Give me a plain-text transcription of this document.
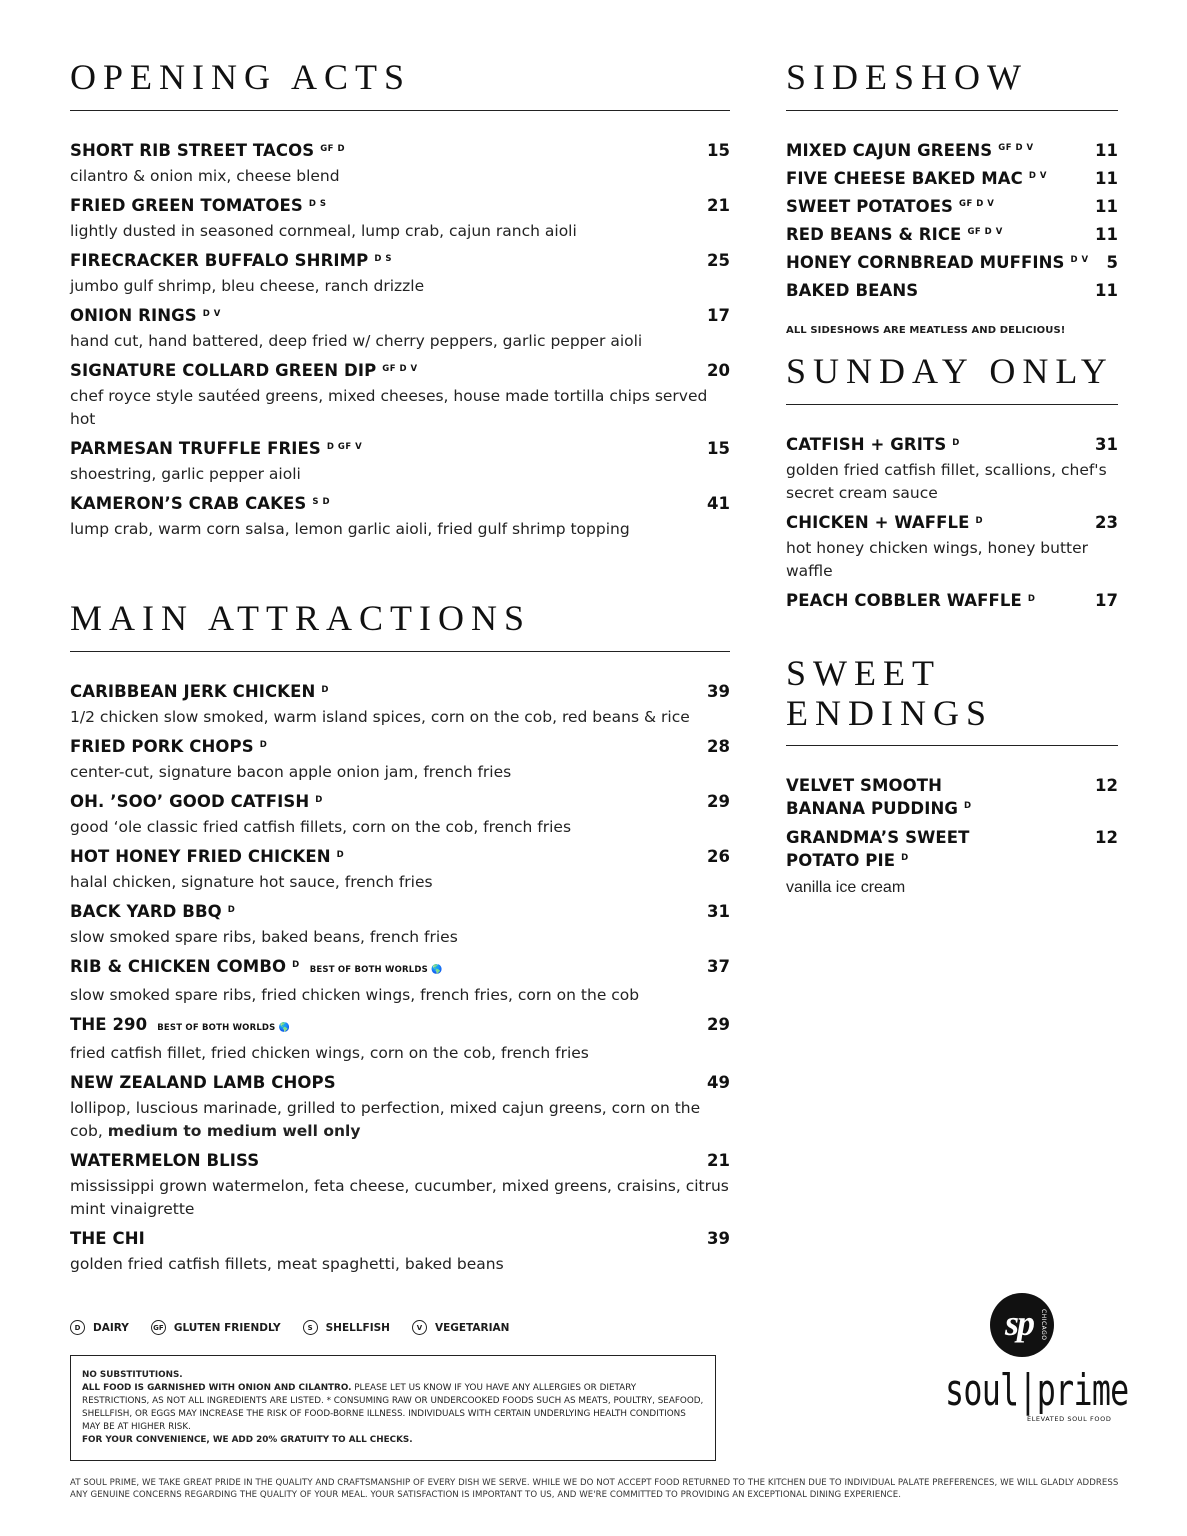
OPENING ACTS
SHORT RIB STREET TACOS $^{GF D}$	15
cilantro & onion mix, cheese blend
FRIED GREEN TOMATOES $^{D S}$	21
lightly dusted in seasoned cornmeal, lump crab, cajun ranch aioli
FIRECRACKER BUFFALO SHRIMP $^{D S}$	25
jumbo gulf shrimp, bleu cheese, ranch drizzle
ONION RINGS $^{D V}$	17
hand cut, hand battered, deep fried w/ cherry peppers, garlic pepper aioli
SIGNATURE COLLARD GREEN DIP $^{GF D V}$	20
chef royce style sautéed greens, mixed cheeses, house made tortilla chips served hot
PARMESAN TRUFFLE FRIES $^{D GF V}$	15
shoestring, garlic pepper aioli
KAMERON’S CRAB CAKES $^{S D}$	41
lump crab, warm corn salsa, lemon garlic aioli, fried gulf shrimp topping
MAIN ATTRACTIONS
CARIBBEAN JERK CHICKEN $^D$	39
1/2 chicken slow smoked, warm island spices, corn on the cob, red beans & rice
FRIED PORK CHOPS $^D$	28
center-cut, signature bacon apple onion jam, french fries
OH. ’SOO’ GOOD CATFISH $^D$	29
good ‘ole classic fried catfish fillets, corn on the cob, french fries
HOT HONEY FRIED CHICKEN $^D$	26
halal chicken, signature hot sauce, french fries
BACK YARD BBQ $^D$	31
slow smoked spare ribs, baked beans, french fries
RIB & CHICKEN COMBO $^D$ BEST OF BOTH WORLDS 🌎	37
slow smoked spare ribs, fried chicken wings, french fries, corn on the cob
THE 290 BEST OF BOTH WORLDS 🌎	29
fried catfish fillet, fried chicken wings, corn on the cob, french fries
NEW ZEALAND LAMB CHOPS	49
lollipop, luscious marinade, grilled to perfection, mixed cajun greens, corn on the cob, medium to medium well only
WATERMELON BLISS	21
mississippi grown watermelon, feta cheese, cucumber, mixed greens, craisins, citrus mint vinaigrette
THE CHI	39
golden fried catfish fillets, meat spaghetti, baked beans
SIDESHOW
MIXED CAJUN GREENS $^{GF D V}$	11
FIVE CHEESE BAKED MAC $^{D V}$	11
SWEET POTATOES $^{GF D V}$	11
RED BEANS & RICE $^{GF D V}$	11
HONEY CORNBREAD MUFFINS $^{D V}$ 5
BAKED BEANS	11
ALL SIDESHOWS ARE MEATLESS AND DELICIOUS!
SUNDAY ONLY
CATFISH + GRITS $^D$	31
golden fried catfish fillet, scallions, chef's secret cream sauce
CHICKEN + WAFFLE $^D$	23
hot honey chicken wings, honey butter waffle
PEACH COBBLER WAFFLE $^D$	17
SWEET
ENDINGS
VELVET SMOOTH
BANANA PUDDING $^D$
12
GRANDMA’S SWEET
POTATO PIE $^D$
12
vanilla ice cream
D	DAIRY	GF GLUTEN FRIENDLY	S	SHELLFISH	V	VEGETARIAN
NO SUBSTITUTIONS.
ALL FOOD IS GARNISHED WITH ONION AND CILANTRO. PLEASE LET US KNOW IF YOU HAVE ANY ALLERGIES OR DIETARY RESTRICTIONS, AS NOT ALL INGREDIENTS ARE LISTED. * CONSUMING RAW OR UNDERCOOKED FOODS SUCH AS MEATS, POULTRY, SEAFOOD, SHELLFISH, OR EGGS MAY INCREASE THE RISK OF FOOD-BORNE ILLNESS. INDIVIDUALS WITH CERTAIN UNDERLYING HEALTH CONDITIONS MAY BE AT HIGHER RISK.
FOR YOUR CONVENIENCE, WE ADD 20% GRATUITY TO ALL CHECKS.
AT SOUL PRIME, WE TAKE GREAT PRIDE IN THE QUALITY AND CRAFTSMANSHIP OF EVERY DISH WE SERVE. WHILE WE DO NOT ACCEPT FOOD RETURNED TO THE KITCHEN DUE TO INDIVIDUAL PALATE PREFERENCES, WE WILL GLADLY ADDRESS ANY GENUINE CONCERNS REGARDING THE QUALITY OF YOUR MEAL. YOUR SATISFACTION IS IMPORTANT TO US, AND WE'RE COMMITTED TO PROVIDING AN EXCEPTIONAL DINING EXPERIENCE.
sp CHICAGO
soul|prime
ELEVATED SOUL FOOD
